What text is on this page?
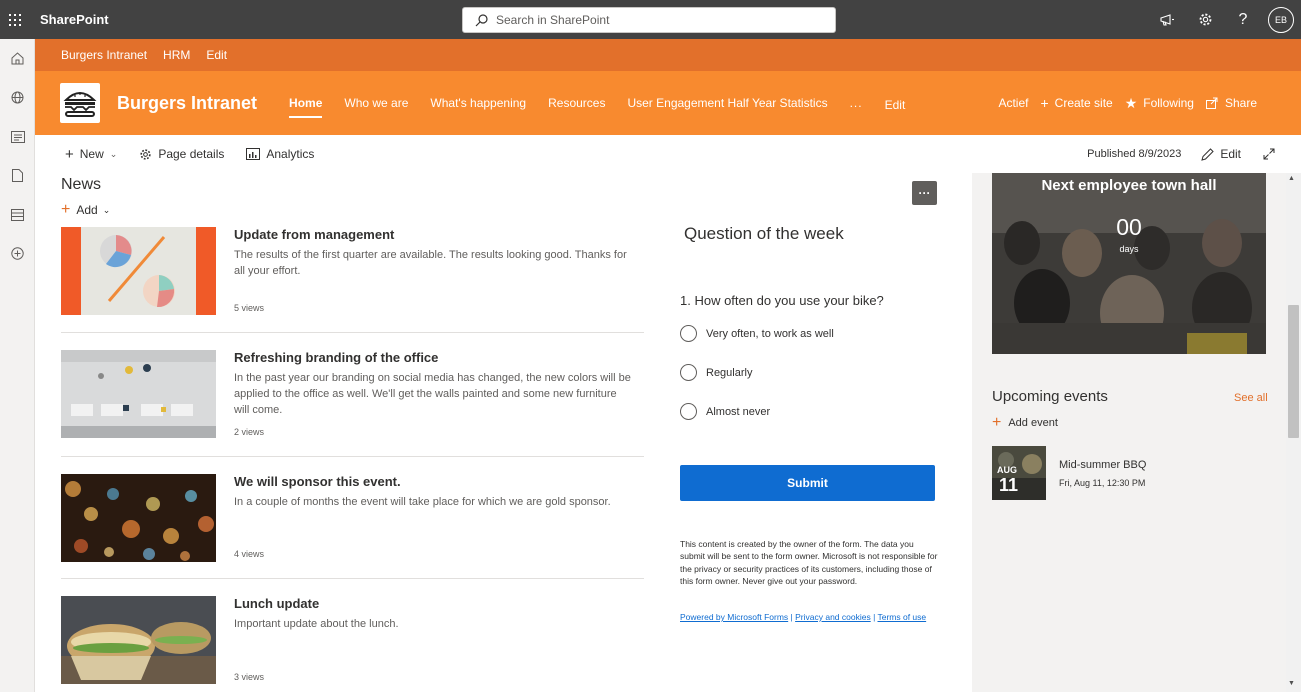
SharePoint	Search in SharePoint	?	EB
Burgers Intranet HRM Edit
Burgers Intranet	Home Who we are What's happening Resources User Engagement Half Year Statistics ... Edit	Actief + Create site ★ Following	Share
+ New ⌄	Page details	Analytics	Published 8/9/2023	Edit
News
+ Add ⌄
Update from management
The results of the first quarter are available. The results looking good. Thanks for all your effort.
5 views
Refreshing branding of the office
In the past year our branding on social media has changed, the new colors will be applied to the office as well. We'll get the walls painted and some new furniture will come.
2 views
We will sponsor this event.
In a couple of months the event will take place for which we are gold sponsor.
4 views
Lunch update
Important update about the lunch.
3 views
···
Question of the week
1. How often do you use your bike?
Very often, to work as well
Regularly
Almost never
Submit
This content is created by the owner of the form. The data you submit will be sent to the form owner. Microsoft is not responsible for the privacy or security practices of its customers, including those of this form owner. Never give out your password.
Powered by Microsoft Forms | Privacy and cookies | Terms of use
Next employee town hall
00
days
Upcoming events	See all
+ Add event
AUG
11
Mid-summer BBQ
Fri, Aug 11, 12:30 PM
▲
▼
